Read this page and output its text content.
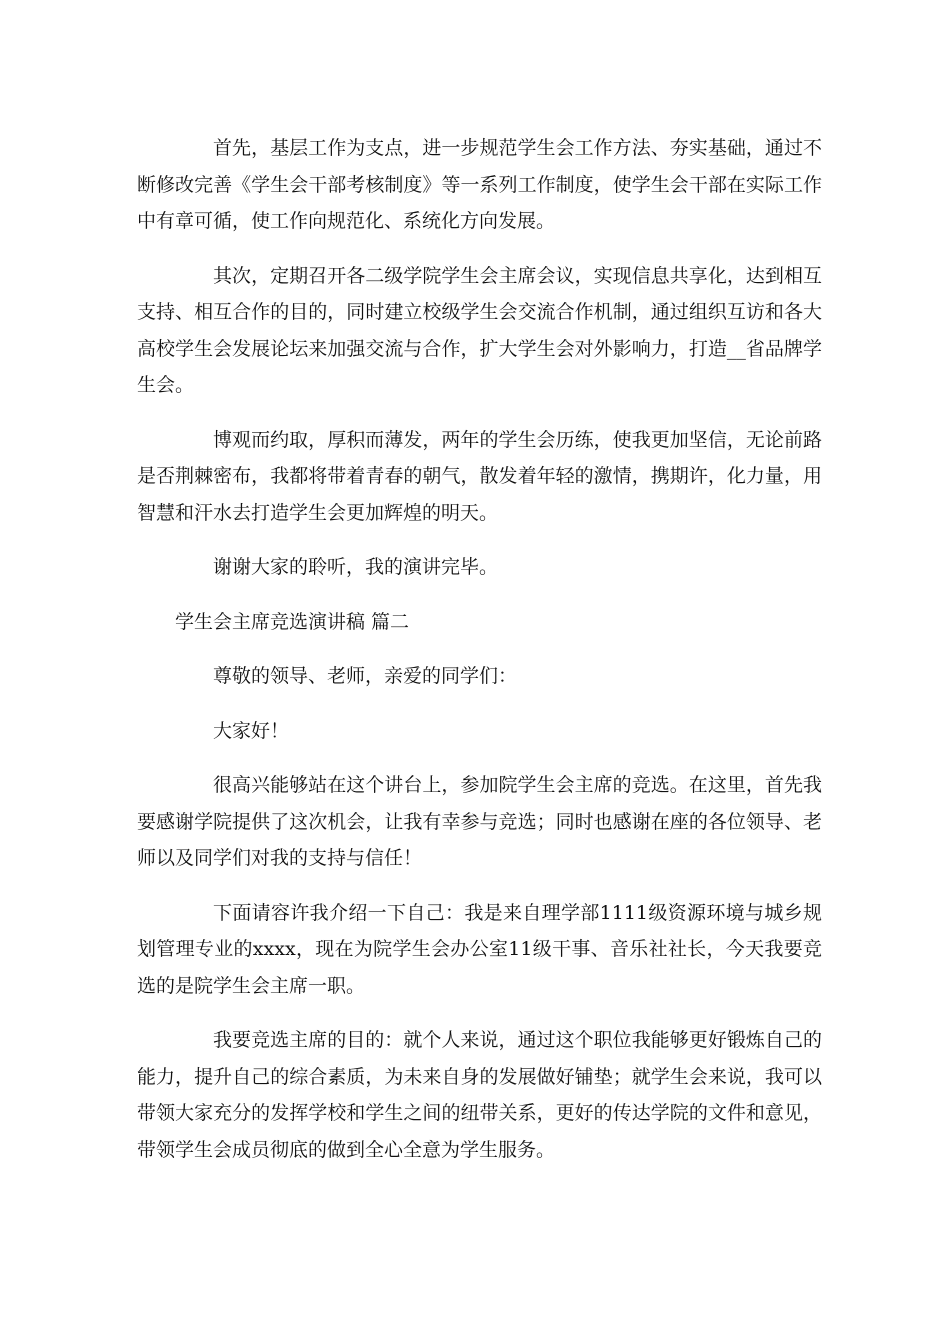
首先，基层工作为支点，进一步规范学生会工作方法、夯实基础，通过不断修改完善《学生会干部考核制度》等一系列工作制度，使学生会干部在实际工作中有章可循，使工作向规范化、系统化方向发展。

其次，定期召开各二级学院学生会主席会议，实现信息共享化，达到相互支持、相互合作的目的，同时建立校级学生会交流合作机制，通过组织互访和各大高校学生会发展论坛来加强交流与合作，扩大学生会对外影响力，打造__省品牌学生会。

博观而约取，厚积而薄发，两年的学生会历练，使我更加坚信，无论前路是否荆棘密布，我都将带着青春的朝气，散发着年轻的激情，携期许，化力量，用智慧和汗水去打造学生会更加辉煌的明天。

谢谢大家的聆听，我的演讲完毕。

学生会主席竞选演讲稿 篇二

尊敬的领导、老师，亲爱的同学们：

大家好！

很高兴能够站在这个讲台上，参加院学生会主席的竞选。在这里，首先我要感谢学院提供了这次机会，让我有幸参与竞选；同时也感谢在座的各位领导、老师以及同学们对我的支持与信任！

下面请容许我介绍一下自己：我是来自理学部1111级资源环境与城乡规划管理专业的xxxx，现在为院学生会办公室11级干事、音乐社社长，今天我要竞选的是院学生会主席一职。

我要竞选主席的目的：就个人来说，通过这个职位我能够更好锻炼自己的能力，提升自己的综合素质，为未来自身的发展做好铺垫；就学生会来说，我可以带领大家充分的发挥学校和学生之间的纽带关系，更好的传达学院的文件和意见，带领学生会成员彻底的做到全心全意为学生服务。
